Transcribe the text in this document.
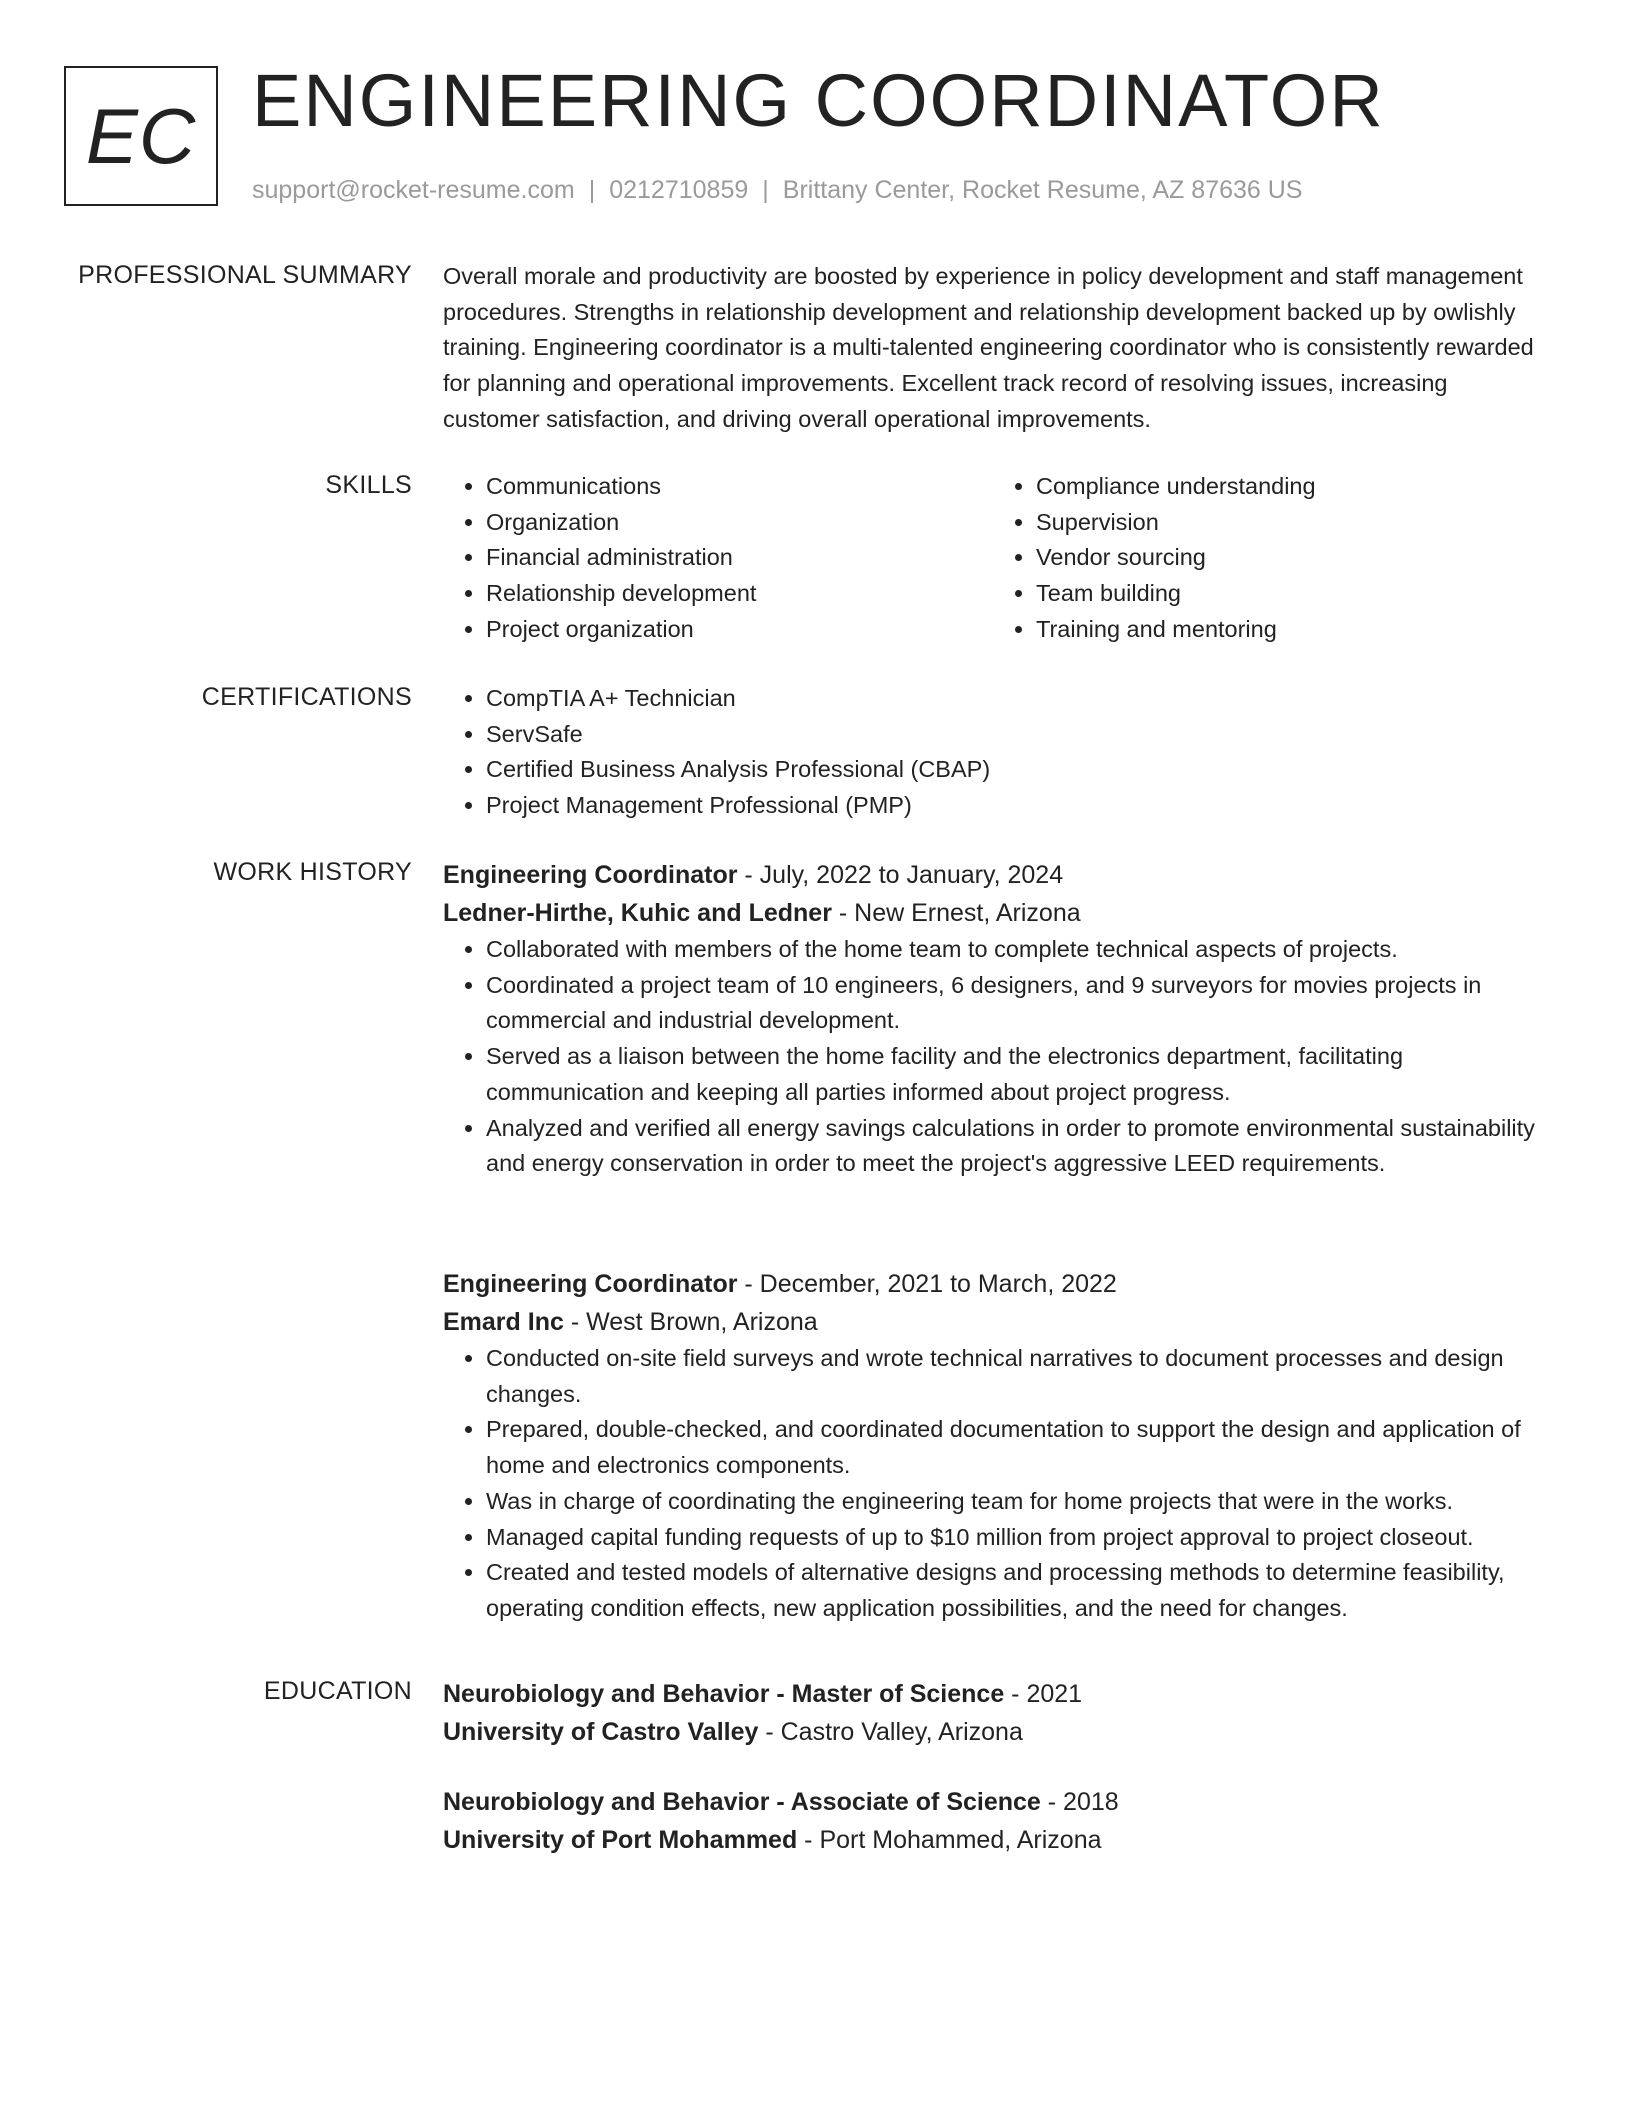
EC ENGINEERING COORDINATOR
support@rocket-resume.com | 0212710859 | Brittany Center, Rocket Resume, AZ 87636 US
PROFESSIONAL SUMMARY Overall morale and productivity are boosted by experience in policy development and staff management procedures. Strengths in relationship development and relationship development backed up by owlishly training. Engineering coordinator is a multi-talented engineering coordinator who is consistently rewarded for planning and operational improvements. Excellent track record of resolving issues, increasing customer satisfaction, and driving overall operational improvements.

SKILLS	• Communications
• Organization
• Financial administration
• Relationship development
• Project organization
• Compliance understanding
• Supervision
• Vendor sourcing
• Team building
• Training and mentoring
CERTIFICATIONS	• CompTIA A+ Technician
• ServSafe
• Certified Business Analysis Professional (CBAP)
• Project Management Professional (PMP)
WORK HISTORY Engineering Coordinator - July, 2022 to January, 2024
Ledner-Hirthe, Kuhic and Ledner - New Ernest, Arizona
• Collaborated with members of the home team to complete technical aspects of projects.
• Coordinated a project team of 10 engineers, 6 designers, and 9 surveyors for movies projects in commercial and industrial development.
• Served as a liaison between the home facility and the electronics department, facilitating communication and keeping all parties informed about project progress.
• Analyzed and verified all energy savings calculations in order to promote environmental sustainability and energy conservation in order to meet the project's aggressive LEED requirements.
Engineering Coordinator - December, 2021 to March, 2022
Emard Inc - West Brown, Arizona
• Conducted on-site field surveys and wrote technical narratives to document processes and design changes.
• Prepared, double-checked, and coordinated documentation to support the design and application of home and electronics components.
• Was in charge of coordinating the engineering team for home projects that were in the works.
• Managed capital funding requests of up to $10 million from project approval to project closeout.
• Created and tested models of alternative designs and processing methods to determine feasibility, operating condition effects, new application possibilities, and the need for changes.
EDUCATION Neurobiology and Behavior - Master of Science - 2021
University of Castro Valley - Castro Valley, Arizona
Neurobiology and Behavior - Associate of Science - 2018
University of Port Mohammed - Port Mohammed, Arizona
